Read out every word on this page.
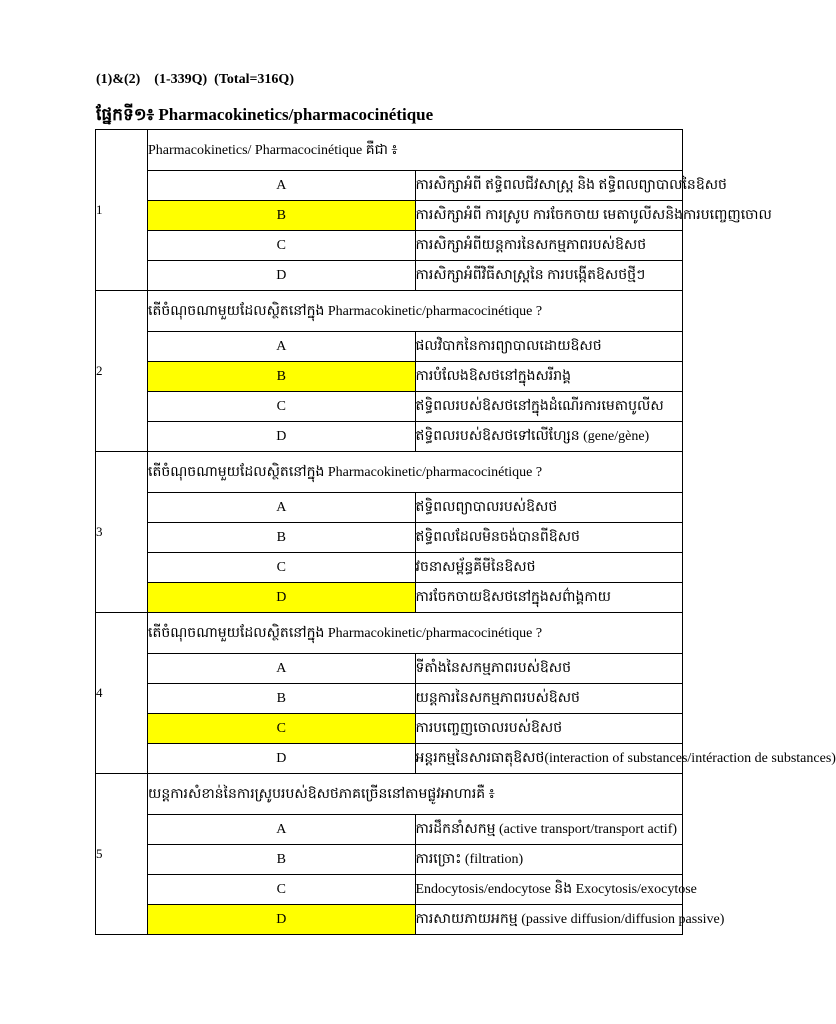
(1)&(2)    (1-339Q)  (Total=316Q)
ផ្នែកទី១៖ Pharmacokinetics/pharmacocinétique
1	Pharmacokinetics/ Pharmacocinétique គឺជា ៖	
	A	ការសិក្សាអំពី ឥទ្ធិពលជីវសាស្ត្រ និង ឥទ្ធិពលព្យាបាលនៃឱសថ
	B	ការសិក្សាអំពី ការស្រូប ការចែកចាយ មេតាបូលីសនិងការបញ្ចេញចោល
	C	ការសិក្សាអំពីយន្តការនៃសកម្មភាពរបស់ឱសថ
	D	ការសិក្សាអំពីវិធីសាស្ត្រនៃ ការបង្កើតឱសថថ្មីៗ
2	តើចំណុចណាមួយដែលស្ថិតនៅក្នុង Pharmacokinetic/pharmacocinétique ?	
	A	ផលវិបាកនៃការព្យាបាលដោយឱសថ
	B	ការបំលែងឱសថនៅក្នុងសរីរាង្គ
	C	ឥទ្ធិពលរបស់ឱសថនៅក្នុងដំណើរការមេតាបូលីស
	D	ឥទ្ធិពលរបស់ឱសថទៅលើហ្សែន (gene/gène)
3	តើចំណុចណាមួយដែលស្ថិតនៅក្នុង Pharmacokinetic/pharmacocinétique ?	
	A	ឥទ្ធិពលព្យាបាលរបស់ឱសថ
	B	ឥទ្ធិពលដែលមិនចង់បានពីឱសថ
	C	វចនាសម្ព័ន្ធគីមីនៃឱសថ
	D	ការចែកចាយឱសថនៅក្នុងសព៌ាង្គកាយ
4	តើចំណុចណាមួយដែលស្ថិតនៅក្នុង Pharmacokinetic/pharmacocinétique ?	
	A	ទីតាំងនៃសកម្មភាពរបស់ឱសថ
	B	យន្តការនៃសកម្មភាពរបស់ឱសថ
	C	ការបញ្ចេញចោលរបស់ឱសថ
	D	អន្តរកម្មនៃសារធាតុឱសថ(interaction of substances/intéraction de substances)
5	យន្តការសំខាន់នៃការស្រូបរបស់ឱសថភាគច្រើននៅតាមផ្លូវអាហារគឺ ៖	
	A	ការដឹកនាំសកម្ម (active transport/transport actif)
	B	ការច្រោះ (filtration)
	C	Endocytosis/endocytose និង Exocytosis/exocytose
	D	ការសាយភាយអកម្ម (passive diffusion/diffusion passive)
